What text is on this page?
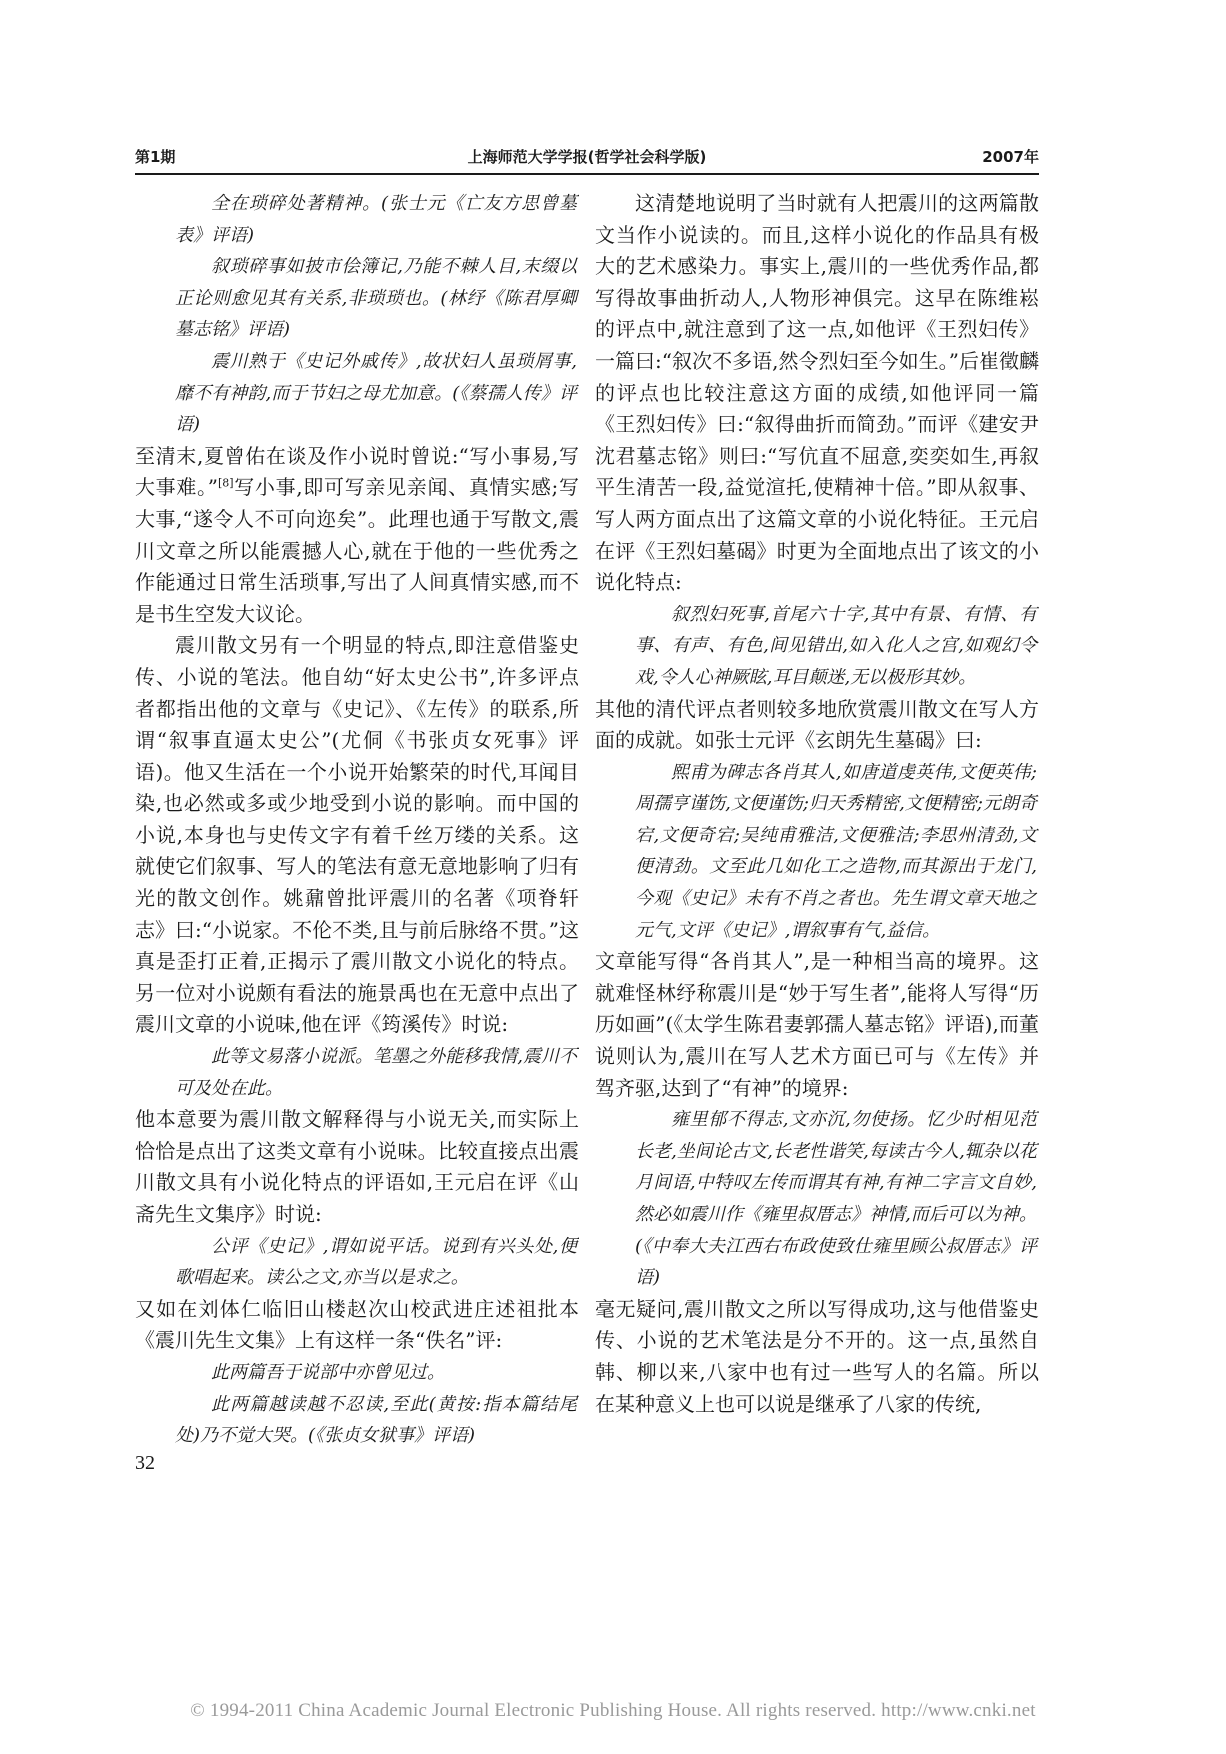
第1期	上海师范大学学报(哲学社会科学版)	2007年

全在琐碎处著精神。(张士元《亡友方思曾墓表》评语)

叙琐碎事如披市侩簿记,乃能不棘人目,末缀以正论则愈见其有关系,非琐琐也。(林纾《陈君厚卿墓志铭》评语)

震川熟于《史记外戚传》,故状妇人虽琐屑事,靡不有神韵,而于节妇之母尤加意。(《蔡孺人传》评语)

至清末,夏曾佑在谈及作小说时曾说:“写小事易,写大事难。”[8]写小事,即可写亲见亲闻、真情实感;写大事,“遂令人不可向迩矣”。此理也通于写散文,震川文章之所以能震撼人心,就在于他的一些优秀之作能通过日常生活琐事,写出了人间真情实感,而不是书生空发大议论。

震川散文另有一个明显的特点,即注意借鉴史传、小说的笔法。他自幼“好太史公书”,许多评点者都指出他的文章与《史记》、《左传》的联系,所谓“叙事直逼太史公”(尤侗《书张贞女死事》评语)。他又生活在一个小说开始繁荣的时代,耳闻目染,也必然或多或少地受到小说的影响。而中国的小说,本身也与史传文字有着千丝万缕的关系。这就使它们叙事、写人的笔法有意无意地影响了归有光的散文创作。姚鼐曾批评震川的名著《项脊轩志》曰:“小说家。不伦不类,且与前后脉络不贯。”这真是歪打正着,正揭示了震川散文小说化的特点。另一位对小说颇有看法的施景禹也在无意中点出了震川文章的小说味,他在评《筠溪传》时说:

此等文易落小说派。笔墨之外能移我情,震川不可及处在此。

他本意要为震川散文解释得与小说无关,而实际上恰恰是点出了这类文章有小说味。比较直接点出震川散文具有小说化特点的评语如,王元启在评《山斋先生文集序》时说:

公评《史记》,谓如说平话。说到有兴头处,便歌唱起来。读公之文,亦当以是求之。

又如在刘体仁临旧山楼赵次山校武进庄述祖批本《震川先生文集》上有这样一条“佚名”评:

此两篇吾于说部中亦曾见过。

此两篇越读越不忍读,至此(黄按:指本篇结尾处)乃不觉大哭。(《张贞女狱事》评语)

这清楚地说明了当时就有人把震川的这两篇散文当作小说读的。而且,这样小说化的作品具有极大的艺术感染力。事实上,震川的一些优秀作品,都写得故事曲折动人,人物形神俱完。这早在陈维崧的评点中,就注意到了这一点,如他评《王烈妇传》一篇曰:“叙次不多语,然令烈妇至今如生。”后崔徵麟的评点也比较注意这方面的成绩,如他评同一篇《王烈妇传》曰:“叙得曲折而简劲。”而评《建安尹沈君墓志铭》则曰:“写伉直不屈意,奕奕如生,再叙平生清苦一段,益觉渲托,使精神十倍。”即从叙事、写人两方面点出了这篇文章的小说化特征。王元启在评《王烈妇墓碣》时更为全面地点出了该文的小说化特点:

叙烈妇死事,首尾六十字,其中有景、有情、有事、有声、有色,间见错出,如入化人之宫,如观幻令戏,令人心神厥眩,耳目颠迷,无以极形其妙。

其他的清代评点者则较多地欣赏震川散文在写人方面的成就。如张士元评《玄朗先生墓碣》曰:

熙甫为碑志各肖其人,如唐道虔英伟,文便英伟;周孺亨谨饬,文便谨饬;归天秀精密,文便精密;元朗奇宕,文便奇宕;吴纯甫雅洁,文便雅洁;李思州清劲,文便清劲。文至此几如化工之造物,而其源出于龙门,今观《史记》未有不肖之者也。先生谓文章天地之元气,文评《史记》,谓叙事有气,益信。

文章能写得“各肖其人”,是一种相当高的境界。这就难怪林纾称震川是“妙于写生者”,能将人写得“历历如画”(《太学生陈君妻郭孺人墓志铭》评语),而董说则认为,震川在写人艺术方面已可与《左传》并驾齐驱,达到了“有神”的境界:

雍里郁不得志,文亦沉,勿使扬。忆少时相见范长老,坐间论古文,长老性谐笑,每读古今人,辄杂以花月间语,中特叹左传而谓其有神,有神二字言文自妙,然必如震川作《雍里叔厝志》神情,而后可以为神。(《中奉大夫江西右布政使致仕雍里顾公叔厝志》评语)

毫无疑问,震川散文之所以写得成功,这与他借鉴史传、小说的艺术笔法是分不开的。这一点,虽然自韩、柳以来,八家中也有过一些写人的名篇。所以在某种意义上也可以说是继承了八家的传统,

32
© 1994-2011 China Academic Journal Electronic Publishing House. All rights reserved. http://www.cnki.net
